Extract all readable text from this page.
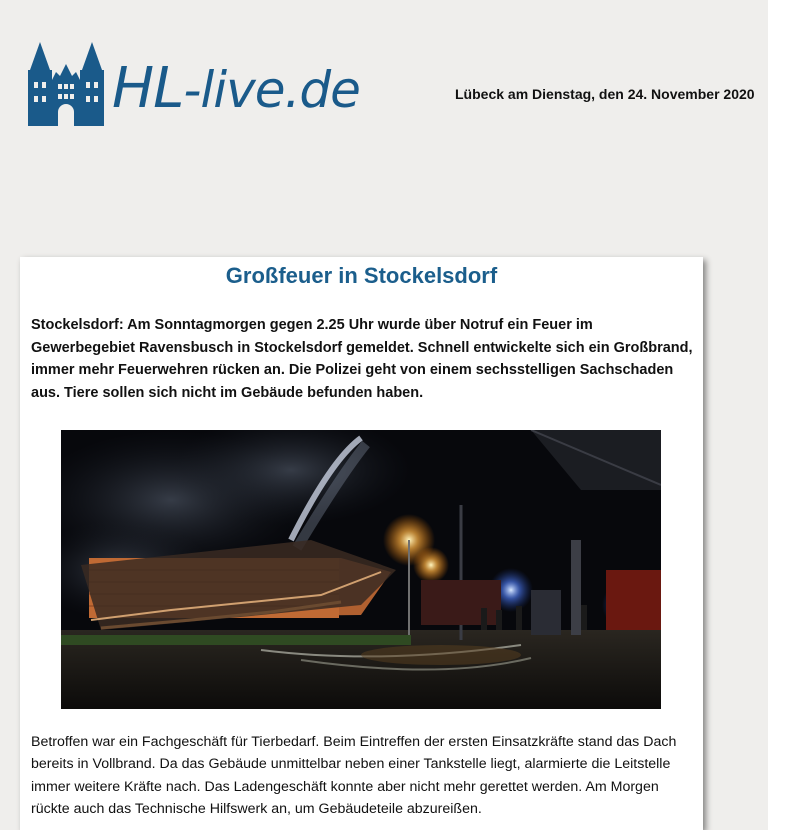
HL-live.de	Lübeck am Dienstag, den 24. November 2020
Großfeuer in Stockelsdorf
Stockelsdorf: Am Sonntagmorgen gegen 2.25 Uhr wurde über Notruf ein Feuer im Gewerbegebiet Ravensbusch in Stockelsdorf gemeldet. Schnell entwickelte sich ein Großbrand, immer mehr Feuerwehren rücken an. Die Polizei geht von einem sechsstelligen Sachschaden aus. Tiere sollen sich nicht im Gebäude befunden haben.
Betroffen war ein Fachgeschäft für Tierbedarf. Beim Eintreffen der ersten Einsatzkräfte stand das Dach bereits in Vollbrand. Da das Gebäude unmittelbar neben einer Tankstelle liegt, alarmierte die Leitstelle immer weitere Kräfte nach. Das Ladengeschäft konnte aber nicht mehr gerettet werden. Am Morgen rückte auch das Technische Hilfswerk an, um Gebäudeteile abzureißen.
